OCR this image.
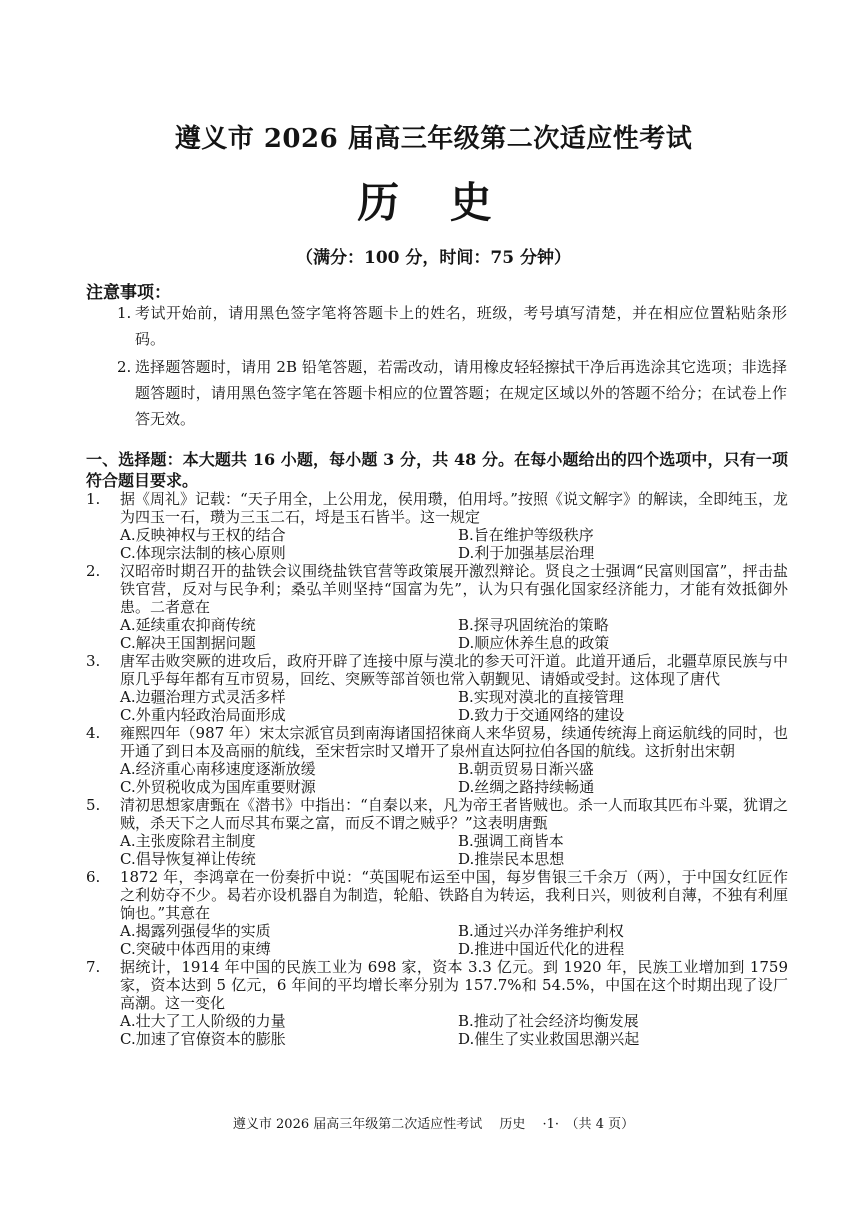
遵义市 2026 届高三年级第二次适应性考试
历 史
（满分：100 分，时间：75 分钟）
注意事项：
1. 考试开始前，请用黑色签字笔将答题卡上的姓名，班级，考号填写清楚，并在相应位置粘贴条形码。
2. 选择题答题时，请用 2B 铅笔答题，若需改动，请用橡皮轻轻擦拭干净后再选涂其它选项；非选择题答题时，请用黑色签字笔在答题卡相应的位置答题；在规定区域以外的答题不给分；在试卷上作答无效。
一、选择题：本大题共 16 小题，每小题 3 分，共 48 分。在每小题给出的四个选项中，只有一项符合题目要求。
1.	据《周礼》记载：“天子用全，上公用龙，侯用瓒，伯用埒。”按照《说文解字》的解读，全即纯玉，龙为四玉一石，瓒为三玉二石，埒是玉石皆半。这一规定
A.反映神权与王权的结合	B.旨在维护等级秩序
C.体现宗法制的核心原则	D.利于加强基层治理
2.	汉昭帝时期召开的盐铁会议围绕盐铁官营等政策展开激烈辩论。贤良之士强调“民富则国富”，抨击盐铁官营，反对与民争利；桑弘羊则坚持“国富为先”，认为只有强化国家经济能力，才能有效抵御外患。二者意在
A.延续重农抑商传统	B.探寻巩固统治的策略
C.解决王国割据问题	D.顺应休养生息的政策
3.	唐军击败突厥的进攻后，政府开辟了连接中原与漠北的参天可汗道。此道开通后，北疆草原民族与中原几乎每年都有互市贸易，回纥、突厥等部首领也常入朝觐见、请婚或受封。这体现了唐代
A.边疆治理方式灵活多样	B.实现对漠北的直接管理
C.外重内轻政治局面形成	D.致力于交通网络的建设
4.	雍熙四年（987 年）宋太宗派官员到南海诸国招徕商人来华贸易，续通传统海上商运航线的同时，也开通了到日本及高丽的航线，至宋哲宗时又增开了泉州直达阿拉伯各国的航线。这折射出宋朝
A.经济重心南移速度逐渐放缓	B.朝贡贸易日渐兴盛
C.外贸税收成为国库重要财源	D.丝绸之路持续畅通
5.	清初思想家唐甄在《潜书》中指出：“自秦以来，凡为帝王者皆贼也。杀一人而取其匹布斗粟，犹谓之贼，杀天下之人而尽其布粟之富，而反不谓之贼乎？”这表明唐甄
A.主张废除君主制度	B.强调工商皆本
C.倡导恢复禅让传统	D.推崇民本思想
6.	1872 年，李鸿章在一份奏折中说：“英国呢布运至中国，每岁售银三千余万（两），于中国女红匠作之利妨夺不少。曷若亦设机器自为制造，轮船、铁路自为转运，我利日兴，则彼利自薄，不独有利厘饷也。”其意在
A.揭露列强侵华的实质	B.通过兴办洋务维护利权
C.突破中体西用的束缚	D.推进中国近代化的进程
7.	据统计，1914 年中国的民族工业为 698 家，资本 3.3 亿元。到 1920 年，民族工业增加到 1759 家，资本达到 5 亿元，6 年间的平均增长率分别为 157.7%和 54.5%，中国在这个时期出现了设厂高潮。这一变化
A.壮大了工人阶级的力量	B.推动了社会经济均衡发展
C.加速了官僚资本的膨胀	D.催生了实业救国思潮兴起
遵义市 2026 届高三年级第二次适应性考试　 历史 　·1·　（共 4 页）
